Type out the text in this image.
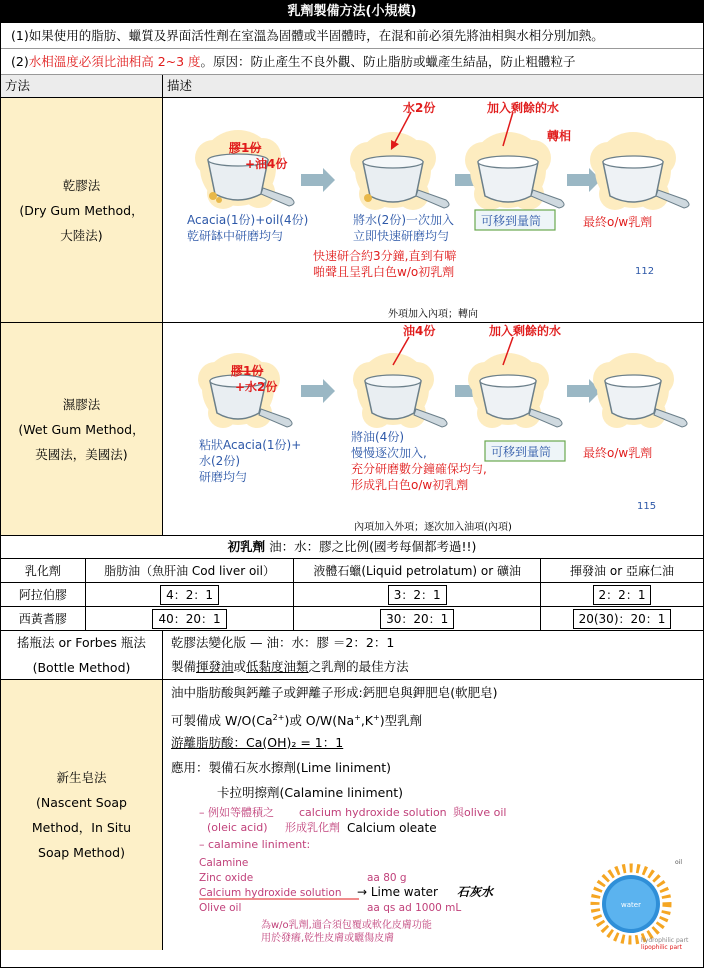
乳劑製備方法(小規模)
(1)如果使用的脂肪、蠟質及界面活性劑在室溫為固體或半固體時，在混和前必須先將油相與水相分別加熱。
(2)水相溫度必須比油相高 2~3 度。原因：防止產生不良外觀、防止脂肪或蠟產生結晶，防止粗體粒子
方法	描述
乾膠法
(Dry Gum Method，
大陸法)
膠1份
+油4份
水2份	加入剩餘的水
轉相
Acacia(1份)+oil(4份)
乾研缽中研磨均勻
將水(2份)一次加入
立即快速研磨均勻
可移到量筒	最終o/w乳劑
快速研合約3分鐘,直到有噼
啪聲且呈乳白色w/o初乳劑	112
外項加入內項；轉向
濕膠法
(Wet Gum Method，
英國法，美國法)
膠1份
+水2份
油4份	加入剩餘的水
粘狀Acacia(1份)+
水(2份)
研磨均勻
將油(4份)
慢慢逐次加入,
充分研磨數分鐘確保均勻,
形成乳白色o/w初乳劑
可移到量筒	最終o/w乳劑
115
內項加入外項；逐次加入油項(內項)
初乳劑 油：水：膠之比例(國考每個都考過!!)
乳化劑	脂肪油（魚肝油 Cod liver oil）	液體石蠟(Liquid petrolatum) or 礦油	揮發油 or 亞麻仁油
阿拉伯膠	4：2：1	3：2：1	2：2：1
西黃耆膠	40：20：1	30：20：1	20(30)：20：1
搖瓶法 or Forbes 瓶法
(Bottle Method)
乾膠法變化版 — 油：水：膠 ＝2：2：1
製備揮發油或低黏度油類之乳劑的最佳方法
新生皂法
(Nascent Soap
Method，In Situ
Soap Method)
油中脂肪酸與鈣離子或鉀離子形成:鈣肥皂與鉀肥皂(軟肥皂)
可製備成 $W/O(Ca^{2+})$或 O/W(Na+,K+)型乳劑
游離脂肪酸：Ca(OH)₂ = 1：1
應用：製備石灰水擦劑(Lime liniment)
卡拉明擦劑(Calamine liniment)
– 例如等體積之 calcium hydroxide solution 與olive oil
(oleic acid) 形成乳化劑 Calcium oleate
– calamine liniment:
Calamine
Zinc oxide	aa 80 g
Calcium hydroxide solution → Lime water 石灰水
Olive oil	aa qs ad 1000 mL
為w/o乳劑,適合須包覆或軟化皮膚功能
用於發癢,乾性皮膚或曬傷皮膚
water
oil
hydrophilic part
lipophilic part
